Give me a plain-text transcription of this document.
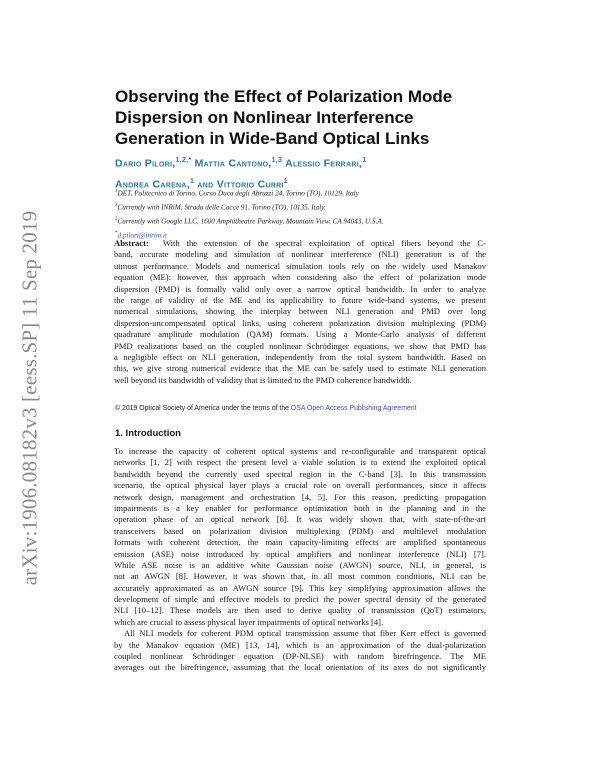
arXiv:1906.08182v3 [eess.SP] 11 Sep 2019
Observing the Effect of Polarization Mode
Dispersion on Nonlinear Interference
Generation in Wide-Band Optical Links
Dario Pilori,$^{1,2,*}$ Mattia Cantono,$^{1,3}$ Alessio Ferrari,$^1$
Andrea Carena,$^1$ and Vittorio Curri$^1$
$^1$DET, Politecnico di Torino, Corso Duca degli Abruzzi 24, Torino (TO), 10129, Italy
$^2$Currently with INRiM, Strada delle Cacce 91, Torino (TO), 10135, Italy.
$^3$Currently with Google LLC, 1600 Amphitheatre Parkway, Mountain View, CA 94043, U.S.A.
*d.pilori@inrim.it
Abstract: With the extension of the spectral exploitation of optical fibers beyond the C-
band, accurate modeling and simulation of nonlinear interference (NLI) generation is of the
utmost performance. Models and numerical simulation tools rely on the widely used Manakov
equation (ME): however, this approach when considering also the effect of polarization mode
dispersion (PMD) is formally valid only over a narrow optical bandwidth. In order to analyze
the range of validity of the ME and its applicability to future wide-band systems, we present
numerical simulations, showing the interplay between NLI generation and PMD over long
dispersion-uncompensated optical links, using coherent polarization division multiplexing (PDM)
quadrature amplitude modulation (QAM) formats. Using a Monte-Carlo analysis of different
PMD realizations based on the coupled nonlinear Schrödinger equations, we show that PMD has
a negligible effect on NLI generation, independently from the total system bandwidth. Based on
this, we give strong numerical evidence that the ME can be safely used to estimate NLI generation
well beyond its bandwidth of validity that is limited to the PMD coherence bandwidth.
© 2019 Optical Society of America under the terms of the OSA Open Access Publishing Agreement
1. Introduction
To increase the capacity of coherent optical systems and re-configurable and transparent optical
networks [1, 2] with respect the present level a viable solution is to extend the exploited optical
bandwidth beyond the currently used spectral region in the C-band [3]. In this transmission
scenario, the optical physical layer plays a crucial role on overall performances, since it affects
network design, management and orchestration [4, 5]. For this reason, predicting propagation
impairments is a key enabler for performance optimization both in the planning and in the
operation phase of an optical network [6]. It was widely shown that, with state-of-the-art
transceivers based on polarization division multiplexing (PDM) and multilevel modulation
formats with coherent detection, the main capacity-limiting effects are amplified spontaneous
emission (ASE) noise introduced by optical amplifiers and nonlinear interference (NLI) [7].
While ASE noise is an additive white Gaussian noise (AWGN) source, NLI, in general, is
not an AWGN [8]. However, it was shown that, in all most common conditions, NLI can be
accurately approximated as an AWGN source [9]. This key simplifying approximation allows the
development of simple and effective models to predict the power spectral density of the generated
NLI [10–12]. These models are then used to derive quality of transmission (QoT) estimators,
which are crucial to assess physical layer impairments of optical networks [4].
All NLI models for coherent PDM optical transmission assume that fiber Kerr effect is governed
by the Manakov equation (ME) [13, 14], which is an approximation of the dual-polarization
coupled nonlinear Schrödinger equation (DP-NLSE) with random birefringence. The ME
averages out the birefringence, assuming that the local orientation of its axes do not significantly
